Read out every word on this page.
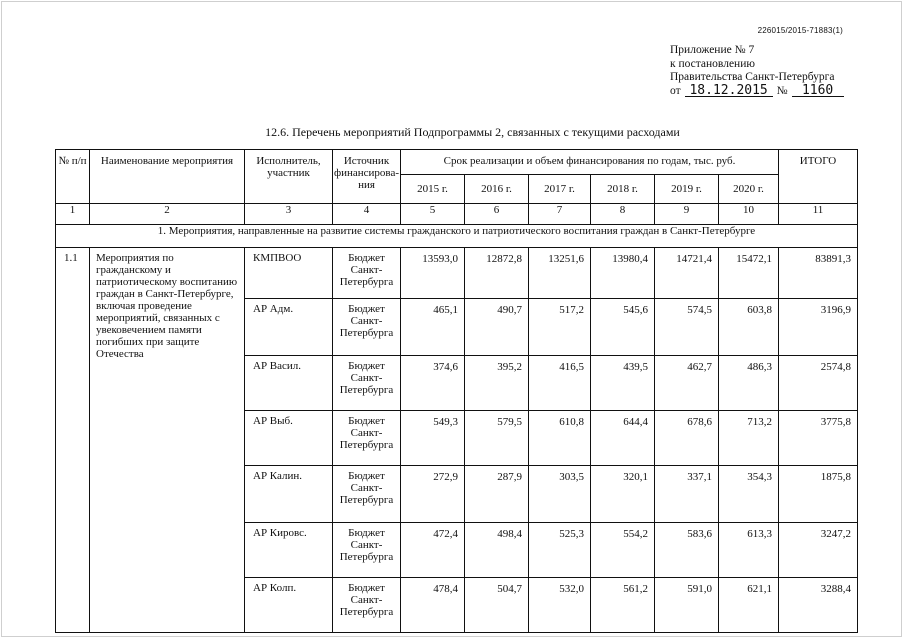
226015/2015-71883(1)
Приложение № 7
к постановлению
Правительства Санкт-Петербурга
от 18.12.2015 № 1160
12.6. Перечень мероприятий Подпрограммы 2, связанных с текущими расходами
№ п/п	Наименование мероприятия	Исполнитель, участник	Источник финансирова-ния	Срок реализации и объем финансирования по годам, тыс. руб.						ИТОГО
				2015 г.	2016 г.	2017 г.	2018 г.	2019 г.	2020 г.	
1	2	3	4	5	6	7	8	9	10	11
1. Мероприятия, направленные на развитие системы гражданского и патриотического воспитания граждан в Санкт-Петербурге										
1.1	Мероприятия по гражданскому и патриотическому воспитанию граждан в Санкт-Петербурге, включая проведение мероприятий, связанных с увековечением памяти погибших при защите Отечества	КМПВОО	Бюджет Санкт-Петербурга	13593,0	12872,8	13251,6	13980,4	14721,4	15472,1	83891,3
		АР Адм.	Бюджет Санкт-Петербурга	465,1	490,7	517,2	545,6	574,5	603,8	3196,9
		АР Васил.	Бюджет Санкт-Петербурга	374,6	395,2	416,5	439,5	462,7	486,3	2574,8
		АР Выб.	Бюджет Санкт-Петербурга	549,3	579,5	610,8	644,4	678,6	713,2	3775,8
		АР Калин.	Бюджет Санкт-Петербурга	272,9	287,9	303,5	320,1	337,1	354,3	1875,8
		АР Кировс.	Бюджет Санкт-Петербурга	472,4	498,4	525,3	554,2	583,6	613,3	3247,2
		АР Колп.	Бюджет Санкт-Петербурга	478,4	504,7	532,0	561,2	591,0	621,1	3288,4
